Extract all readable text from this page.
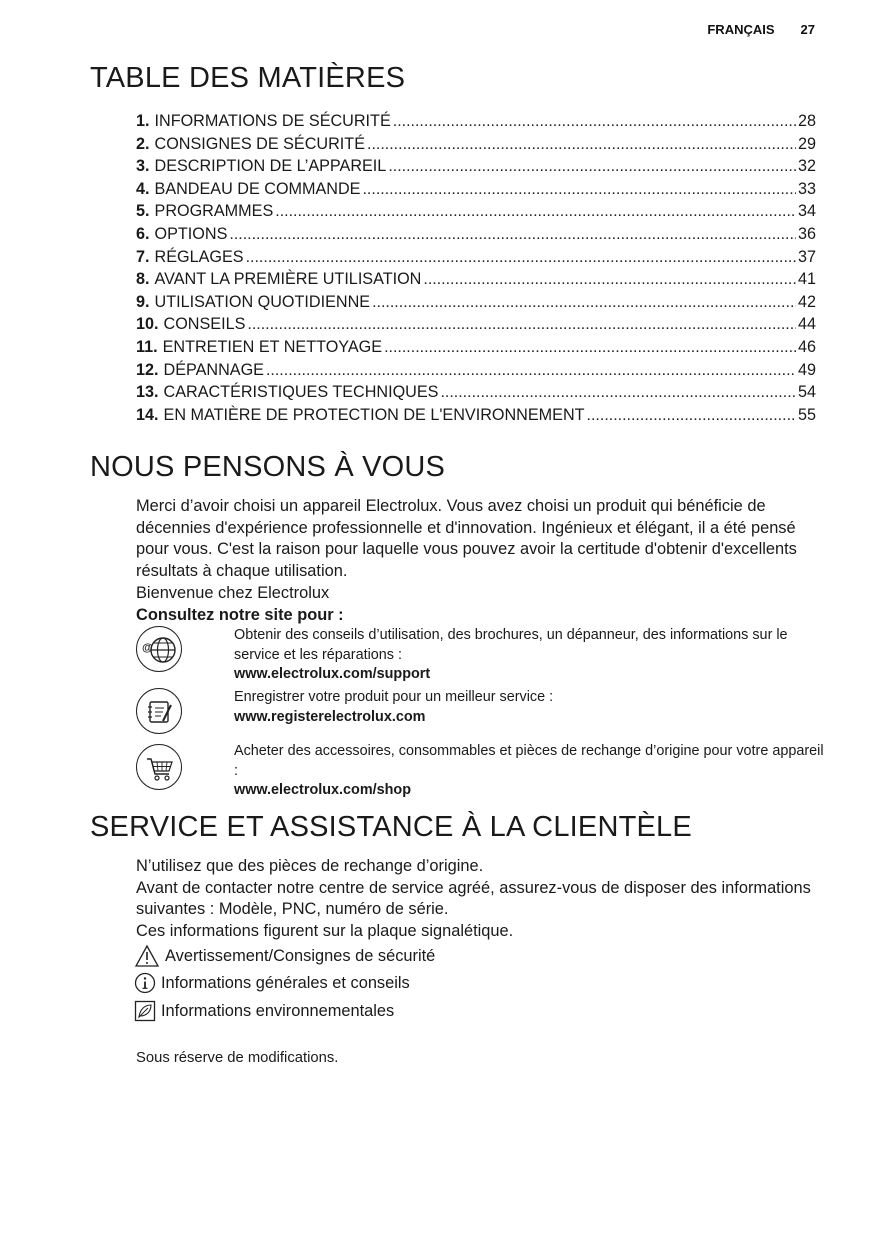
FRANÇAIS 27
TABLE DES MATIÈRES
1. INFORMATIONS DE SÉCURITÉ .....	28
2. CONSIGNES DE SÉCURITÉ .....	29
3. DESCRIPTION DE L’APPAREIL .....	32
4. BANDEAU DE COMMANDE .....	33
5. PROGRAMMES .....	34
6. OPTIONS .....	36
7. RÉGLAGES .....	37
8. AVANT LA PREMIÈRE UTILISATION .....	41
9. UTILISATION QUOTIDIENNE .....	42
10. CONSEILS .....	44
11. ENTRETIEN ET NETTOYAGE .....	46
12. DÉPANNAGE .....	49
13. CARACTÉRISTIQUES TECHNIQUES .....	54
14. EN MATIÈRE DE PROTECTION DE L'ENVIRONNEMENT .....	55
NOUS PENSONS À VOUS

Merci d’avoir choisi un appareil Electrolux. Vous avez choisi un produit qui bénéficie de décennies d'expérience professionnelle et d'innovation. Ingénieux et élégant, il a été pensé pour vous. C'est la raison pour laquelle vous pouvez avoir la certitude d'obtenir d'excellents résultats à chaque utilisation.

Bienvenue chez Electrolux

Consultez notre site pour :

@

Obtenir des conseils d’utilisation, des brochures, un dépanneur, des informations sur le service et les réparations :

www.electrolux.com/support

Enregistrer votre produit pour un meilleur service :

www.registerelectrolux.com

Acheter des accessoires, consommables et pièces de rechange d’origine pour votre appareil :

www.electrolux.com/shop

SERVICE ET ASSISTANCE À LA CLIENTÈLE

N’utilisez que des pièces de rechange d’origine.

Avant de contacter notre centre de service agréé, assurez-vous de disposer des informations suivantes : Modèle, PNC, numéro de série.

Ces informations figurent sur la plaque signalétique.

Avertissement/Consignes de sécurité
Informations générales et conseils
Informations environnementales
Sous réserve de modifications.
